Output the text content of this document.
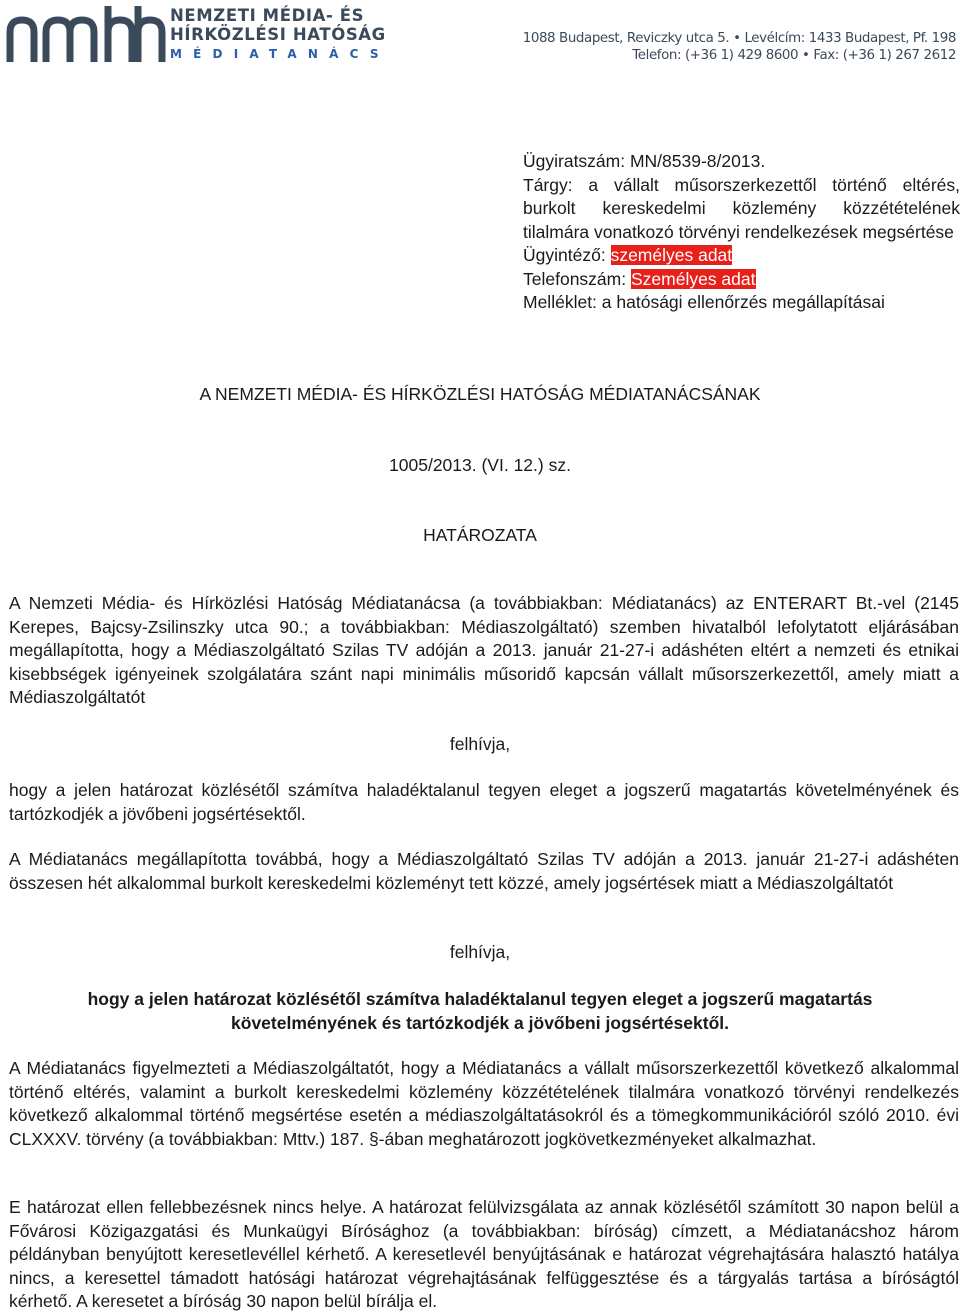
NEMZETI MÉDIA- ÉS
HÍRKÖZLÉSI HATÓSÁG
MÉDIATANÁCS
1088 Budapest, Reviczky utca 5. • Levélcím: 1433 Budapest, Pf. 198
Telefon: (+36 1) 429 8600 • Fax: (+36 1) 267 2612

Ügyiratszám: MN/8539-8/2013.

Tárgy: a vállalt műsorszerkezettől történő eltérés, burkolt kereskedelmi közlemény közzétételének tilalmára vonatkozó törvényi rendelkezések megsértése

Ügyintéző: személyes adat

Telefonszám: Személyes adat

Melléklet: a hatósági ellenőrzés megállapításai

A NEMZETI MÉDIA- ÉS HÍRKÖZLÉSI HATÓSÁG MÉDIATANÁCSÁNAK
1005/2013. (VI. 12.) sz.
HATÁROZATA

A Nemzeti Média- és Hírközlési Hatóság Médiatanácsa (a továbbiakban: Médiatanács) az ENTERART Bt.-vel (2145 Kerepes, Bajcsy-Zsilinszky utca 90.; a továbbiakban: Médiaszolgáltató) szemben hivatalból lefolytatott eljárásában megállapította, hogy a Médiaszolgáltató Szilas TV adóján a 2013. január 21-27-i adáshéten eltért a nemzeti és etnikai kisebbségek igényeinek szolgálatára szánt napi minimális műsoridő kapcsán vállalt műsorszerkezettől, amely miatt a Médiaszolgáltatót

felhívja,

hogy a jelen határozat közlésétől számítva haladéktalanul tegyen eleget a jogszerű magatartás követelményének és tartózkodjék a jövőbeni jogsértésektől.

A Médiatanács megállapította továbbá, hogy a Médiaszolgáltató Szilas TV adóján a 2013. január 21-27-i adáshéten összesen hét alkalommal burkolt kereskedelmi közleményt tett közzé, amely jogsértések miatt a Médiaszolgáltatót

felhívja,

hogy a jelen határozat közlésétől számítva haladéktalanul tegyen eleget a jogszerű magatartás követelményének és tartózkodjék a jövőbeni jogsértésektől.

A Médiatanács figyelmezteti a Médiaszolgáltatót, hogy a Médiatanács a vállalt műsorszerkezettől következő alkalommal történő eltérés, valamint a burkolt kereskedelmi közlemény közzétételének tilalmára vonatkozó törvényi rendelkezés következő alkalommal történő megsértése esetén a médiaszolgáltatásokról és a tömegkommunikációról szóló 2010. évi CLXXXV. törvény (a továbbiakban: Mttv.) 187. §-ában meghatározott jogkövetkezményeket alkalmazhat.

E határozat ellen fellebbezésnek nincs helye. A határozat felülvizsgálata az annak közlésétől számított 30 napon belül a Fővárosi Közigazgatási és Munkaügyi Bírósághoz (a továbbiakban: bíróság) címzett, a Médiatanácshoz három példányban benyújtott keresetlevéllel kérhető. A keresetlevél benyújtásának e határozat végrehajtására halasztó hatálya nincs, a keresettel támadott hatósági határozat végrehajtásának felfüggesztése és a tárgyalás tartása a bíróságtól kérhető. A keresetet a bíróság 30 napon belül bírálja el.
